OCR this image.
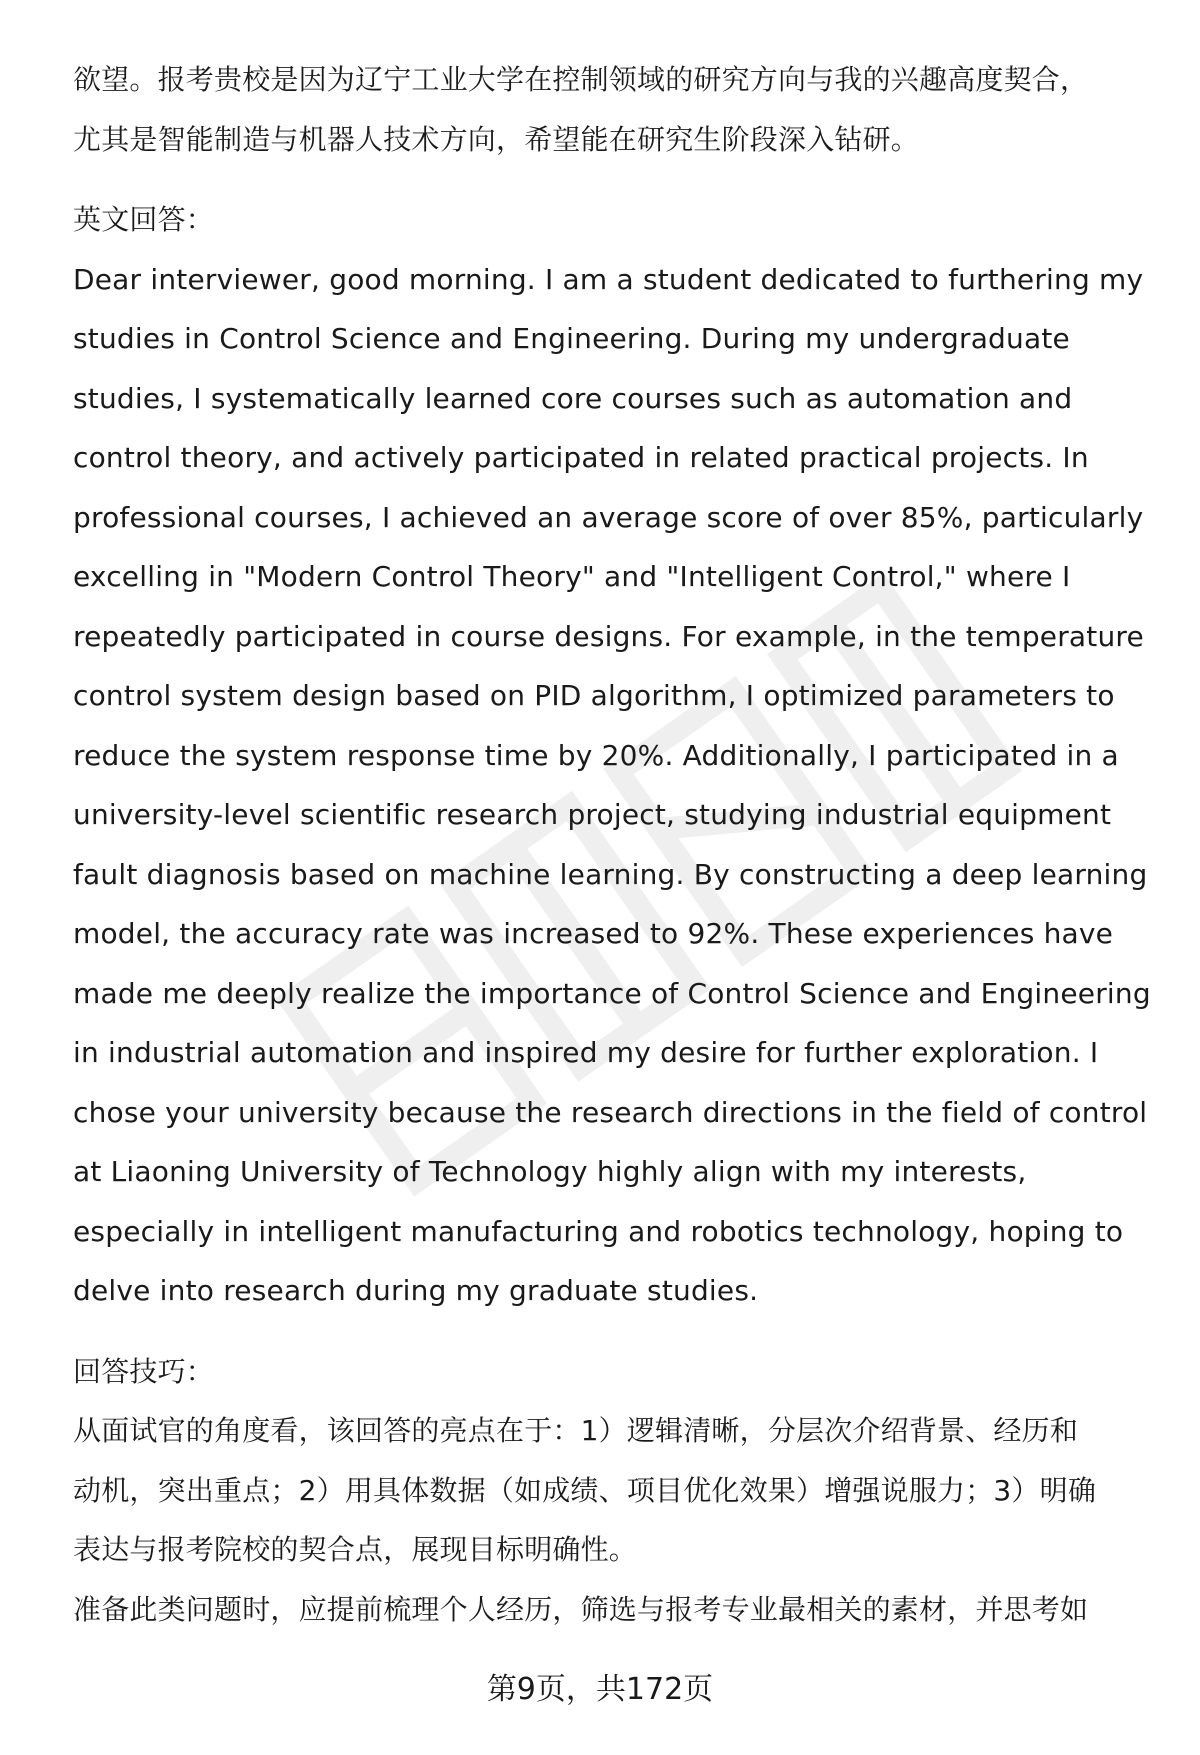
欲望。报考贵校是因为辽宁工业大学在控制领域的研究方向与我的兴趣高度契合，
尤其是智能制造与机器人技术方向，希望能在研究生阶段深入钻研。
英文回答：
Dear interviewer, good morning. I am a student dedicated to furthering my
studies in Control Science and Engineering. During my undergraduate
studies, I systematically learned core courses such as automation and
control theory, and actively participated in related practical projects. In
professional courses, I achieved an average score of over 85%, particularly
excelling in "Modern Control Theory" and "Intelligent Control," where I
repeatedly participated in course designs. For example, in the temperature
control system design based on PID algorithm, I optimized parameters to
reduce the system response time by 20%. Additionally, I participated in a
university-level scientific research project, studying industrial equipment
fault diagnosis based on machine learning. By constructing a deep learning
model, the accuracy rate was increased to 92%. These experiences have
made me deeply realize the importance of Control Science and Engineering
in industrial automation and inspired my desire for further exploration. I
chose your university because the research directions in the field of control
at Liaoning University of Technology highly align with my interests,
especially in intelligent manufacturing and robotics technology, hoping to
delve into research during my graduate studies.
回答技巧：
从面试官的角度看，该回答的亮点在于：1）逻辑清晰，分层次介绍背景、经历和
动机，突出重点；2）用具体数据（如成绩、项目优化效果）增强说服力；3）明确
表达与报考院校的契合点，展现目标明确性。
准备此类问题时，应提前梳理个人经历，筛选与报考专业最相关的素材，并思考如
第9页，共172页
